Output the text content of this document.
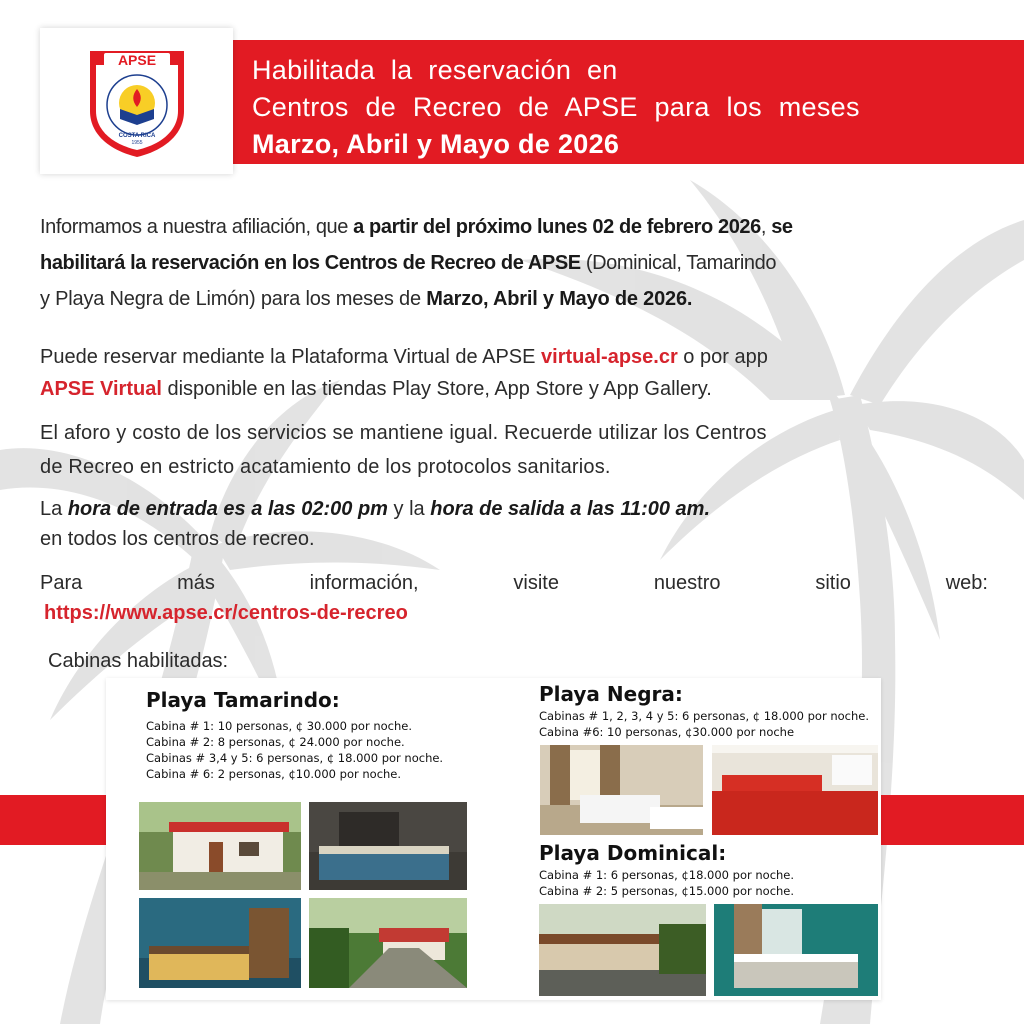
APSE
COSTA RICA
1955
Habilitada la reservación en
Centros de Recreo de APSE para los meses
Marzo, Abril y Mayo de 2026
Informamos a nuestra afiliación, que a partir del próximo lunes 02 de febrero 2026, se
habilitará la reservación en los Centros de Recreo de APSE (Dominical, Tamarindo
y Playa Negra de Limón) para los meses de Marzo, Abril y Mayo de 2026.
Puede reservar mediante la Plataforma Virtual de APSE virtual-apse.cr o por app
APSE Virtual disponible en las tiendas Play Store, App Store y App Gallery.
El aforo y costo de los servicios se mantiene igual. Recuerde utilizar los Centros
de Recreo en estricto acatamiento de los protocolos sanitarios.
La hora de entrada es a las 02:00 pm y la hora de salida a las 11:00 am.
en todos los centros de recreo.
Para	más	información,	visite	nuestro	sitio	web:
https://www.apse.cr/centros-de-recreo
Cabinas habilitadas:
Playa Tamarindo:
Cabina # 1: 10 personas, ¢ 30.000 por noche.
Cabina # 2: 8 personas, ¢ 24.000 por noche.
Cabinas # 3,4 y 5: 6 personas, ¢ 18.000 por noche.
Cabina # 6: 2 personas, ¢10.000 por noche.
Playa Negra:
Cabinas # 1, 2, 3, 4 y 5: 6 personas, ¢ 18.000 por noche.
Cabina #6: 10 personas, ¢30.000 por noche
Playa Dominical:
Cabina # 1: 6 personas, ¢18.000 por noche.
Cabina # 2: 5 personas, ¢15.000 por noche.
